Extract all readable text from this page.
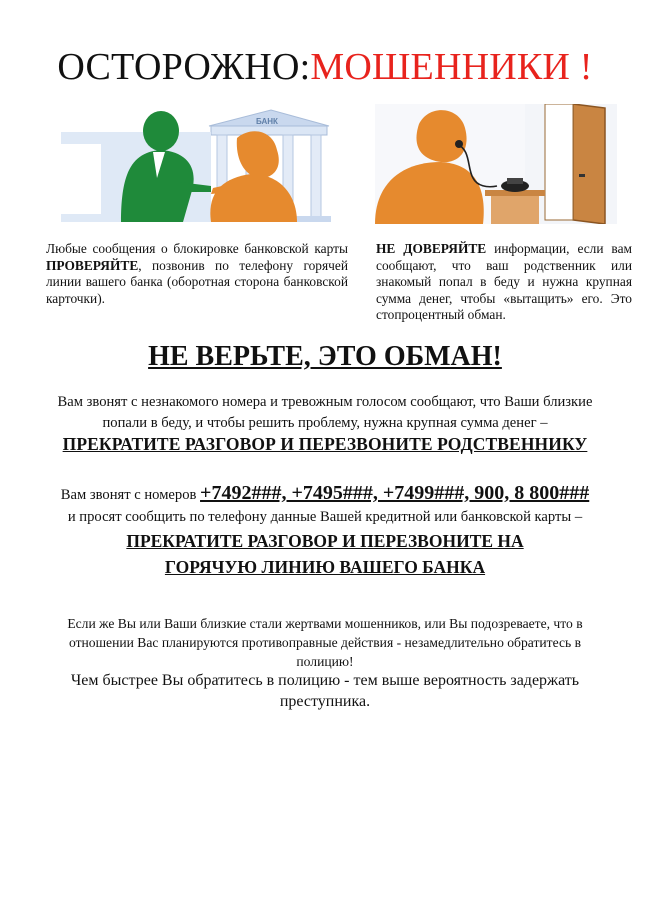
ОСТОРОЖНО:МОШЕННИКИ !
БАНК
Любые сообщения о блокировке банковской карты ПРОВЕРЯЙТЕ, позвонив по телефону горячей линии вашего банка (оборотная сторона банковской карточки).
НЕ ДОВЕРЯЙТЕ информации, если вам сообщают, что ваш родственник или знакомый попал в беду и нужна крупная сумма денег, чтобы «вытащить» его. Это стопроцентный обман.
НЕ ВЕРЬТЕ, ЭТО ОБМАН!
Вам звонят с незнакомого номера и тревожным голосом сообщают, что Ваши близкие попали в беду, и чтобы решить проблему, нужна крупная сумма денег –
ПРЕКРАТИТЕ РАЗГОВОР И ПЕРЕЗВОНИТЕ РОДСТВЕННИКУ
Вам звонят с номеров +7492###, +7495###, +7499###, 900, 8 800###
и просят сообщить по телефону данные Вашей кредитной или банковской карты –
ПРЕКРАТИТЕ РАЗГОВОР И ПЕРЕЗВОНИТЕ НА ГОРЯЧУЮ ЛИНИЮ ВАШЕГО БАНКА
Если же Вы или Ваши близкие стали жертвами мошенников, или Вы подозреваете, что в отношении Вас планируются противоправные действия - незамедлительно обратитесь в полицию!
Чем быстрее Вы обратитесь в полицию - тем выше вероятность задержать преступника.
